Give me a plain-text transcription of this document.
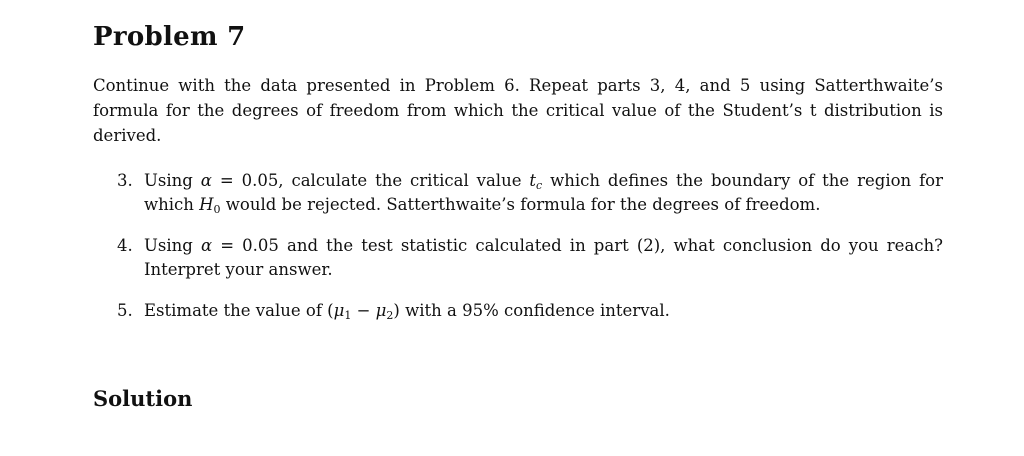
Problem 7
Continue with the data presented in Problem 6. Repeat parts 3, 4, and 5 using Satterthwaite’s
formula for the degrees of freedom from which the critical value of the Student’s t distribution is
derived.
3. Using α = 0.05, calculate the critical value $t_c$ which defines the boundary of the region for
which $H_0$ would be rejected. Satterthwaite’s formula for the degrees of freedom.
4. Using α = 0.05 and the test statistic calculated in part (2), what conclusion do you reach?
Interpret your answer.
5. Estimate the value of $(\mu_1 - \mu_2)$ with a 95% confidence interval.
Solution
